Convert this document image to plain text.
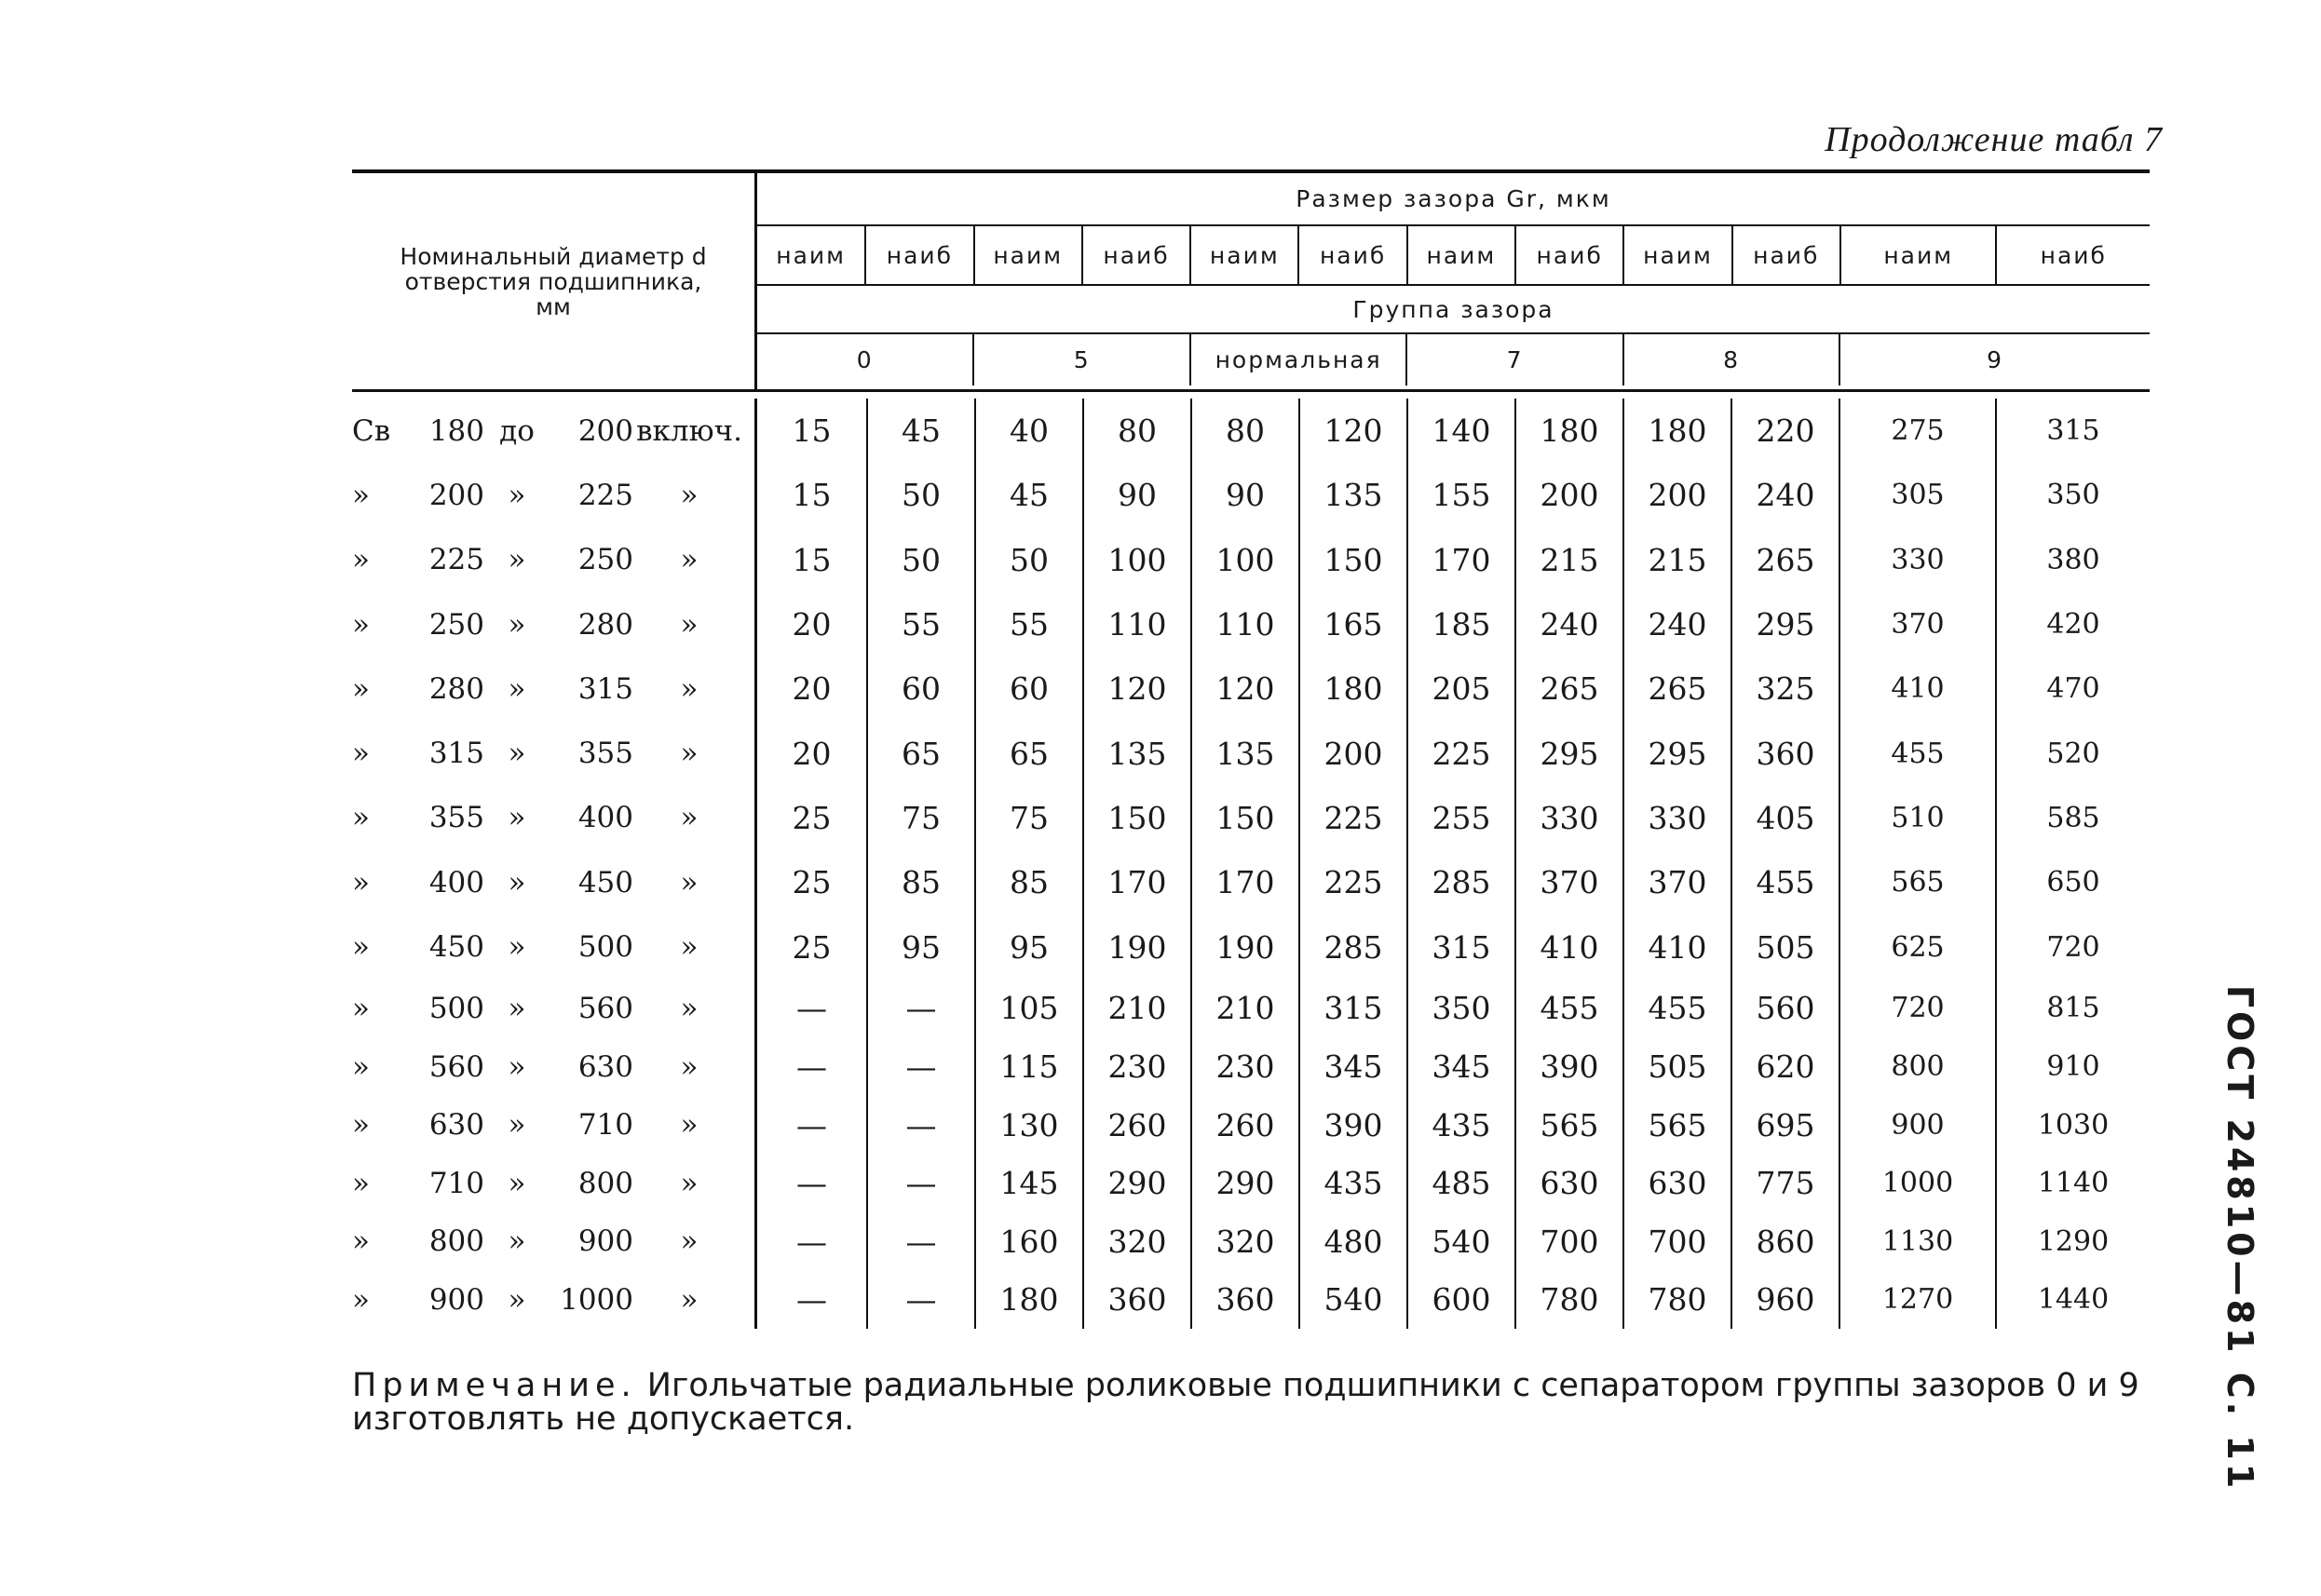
Продолжение табл 7
ГОСТ 24810—81 С. 11
Номинальный диаметр d
отверстия подшипника,
мм
Размер зазора Gr, мкм
наим	наиб	наим	наиб	наим	наиб	наим	наиб	наим	наиб	наим	наиб
Группа зазора
0	5	нормальная	7	8	9
Св	180 до	200 включ.	15	45	40	80	80	120	140	180	180	220	275	315
»	200 »	225	»	15	50	45	90	90	135	155	200	200	240	305	350
»	225 »	250	»	15	50	50	100	100	150	170	215	215	265	330	380
»	250 »	280	»	20	55	55	110	110	165	185	240	240	295	370	420
»	280 »	315	»	20	60	60	120	120	180	205	265	265	325	410	470
»	315 »	355	»	20	65	65	135	135	200	225	295	295	360	455	520
»	355 »	400	»	25	75	75	150	150	225	255	330	330	405	510	585
»	400 »	450	»	25	85	85	170	170	225	285	370	370	455	565	650
»	450 »	500	»	25	95	95	190	190	285	315	410	410	505	625	720
»	500 »	560	»	—	—	105	210	210	315	350	455	455	560	720	815
»	560 »	630	»	—	—	115	230	230	345	345	390	505	620	800	910
»	630 »	710	»	—	—	130	260	260	390	435	565	565	695	900	1030
»	710 »	800	»	—	—	145	290	290	435	485	630	630	775	1000	1140
»	800 »	900	»	—	—	160	320	320	480	540	700	700	860	1130	1290
»	900 »	1000	»	—	—	180	360	360	540	600	780	780	960	1270	1440
Примечание. Игольчатые радиальные роликовые подшипники с сепаратором группы зазоров 0 и 9 изготовлять не допускается.
